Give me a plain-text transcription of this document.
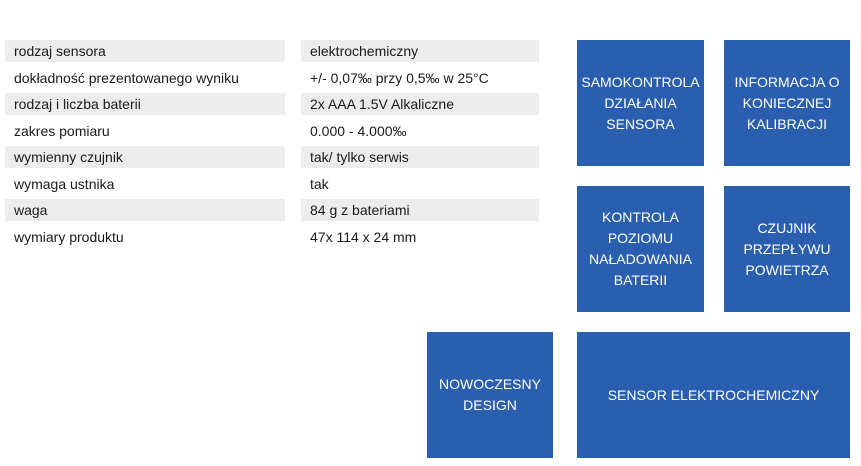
rodzaj sensora	elektrochemiczny
dokładność prezentowanego wyniku	+/- 0,07‰ przy 0,5‰ w 25°C
rodzaj i liczba baterii	2x AAA 1.5V Alkaliczne
zakres pomiaru	0.000 - 4.000‰
wymienny czujnik	tak/ tylko serwis
wymaga ustnika	tak
waga	84 g z bateriami
wymiary produktu	47x 114 x 24 mm
SAMOKONTROLA DZIAŁANIA SENSORA
INFORMACJA O KONIECZNEJ KALIBRACJI
KONTROLA POZIOMU NAŁADOWANIA BATERII
CZUJNIK PRZEPŁYWU POWIETRZA
NOWOCZESNY DESIGN
SENSOR ELEKTROCHEMICZNY
